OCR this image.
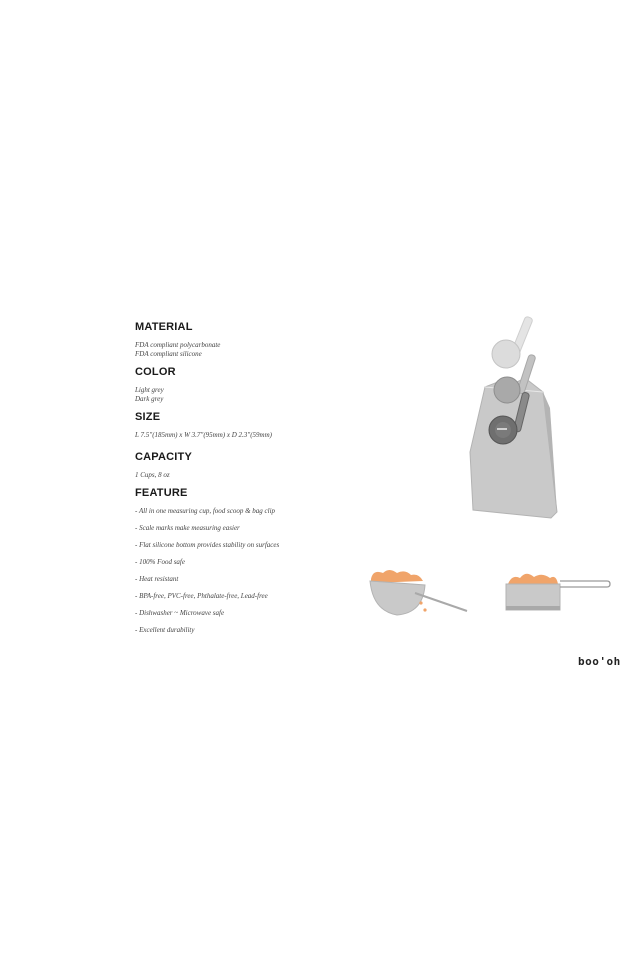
MATERIAL
FDA compliant polycarbonate
FDA compliant silicone
COLOR
Light grey
Dark grey
SIZE
L 7.5"(185mm) x W 3.7"(95mm) x D 2.3"(59mm)
CAPACITY
1 Cups, 8 oz
FEATURE
- All in one measuring cup, food scoop & bag clip
- Scale marks make measuring easier
- Flat silicone bottom provides stability on surfaces
- 100% Food safe
- Heat resistant
- BPA-free, PVC-free, Phthalate-free, Lead-free
- Dishwasher ~ Microwave safe
- Excellent durability
boo'oh
